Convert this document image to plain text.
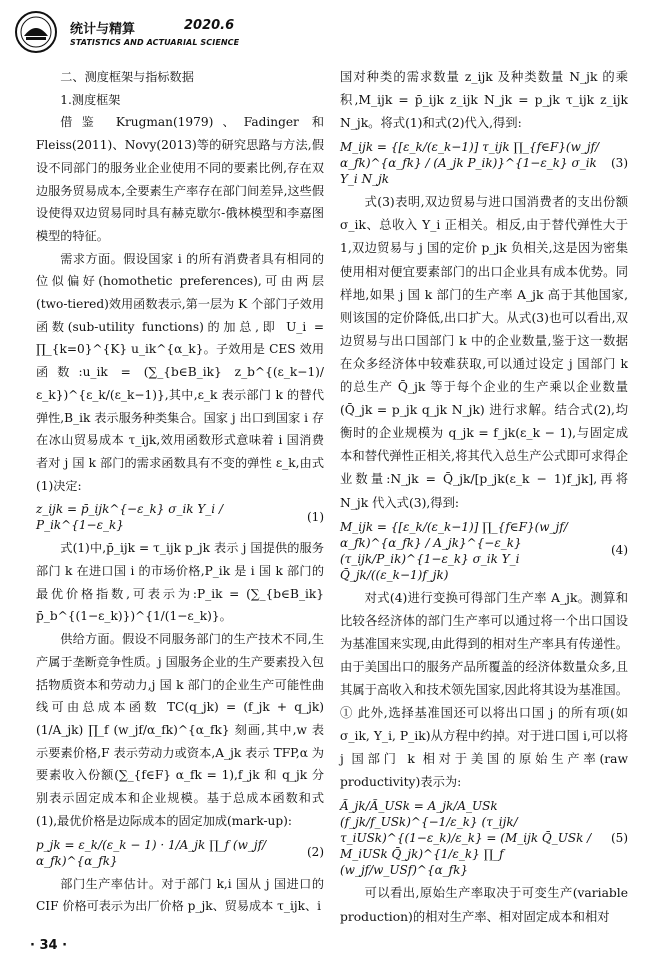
统计与精算	2020.6
STATISTICS AND ACTUARIAL SCIENCE

二、测度框架与指标数据

1.测度框架

借鉴 Krugman(1979)、Fadinger 和 Fleiss(2011)、Novy(2013)等的研究思路与方法,假设不同部门的服务业企业使用不同的要素比例,存在双边服务贸易成本,全要素生产率存在部门间差异,这些假设使得双边贸易同时具有赫克歇尔-俄林模型和李嘉图模型的特征。

需求方面。假设国家 i 的所有消费者具有相同的位似偏好(homothetic preferences),可由两层(two-tiered)效用函数表示,第一层为 K 个部门子效用函数(sub-utility functions)的加总,即 U_i = ∏_{k=0}^{K} u_ik^{α_k}。子效用是 CES 效用函数:u_ik = (∑_{b∈B_ik} z_b^{(ε_k−1)/ε_k})^{ε_k/(ε_k−1)},其中,ε_k 表示部门 k 的替代弹性,B_ik 表示服务种类集合。国家 j 出口到国家 i 存在冰山贸易成本 τ_ijk,效用函数形式意味着 i 国消费者对 j 国 k 部门的需求函数具有不变的弹性 ε_k,由式(1)决定:

z_ijk = p̄_ijk^{−ε_k} σ_ik Y_i / P_ik^{1−ε_k}
(1)

式(1)中,p̄_ijk = τ_ijk p_jk 表示 j 国提供的服务部门 k 在进口国 i 的市场价格,P_ik 是 i 国 k 部门的最优价格指数,可表示为:P_ik = (∑_{b∈B_ik} p̄_b^{(1−ε_k)})^{1/(1−ε_k)}。

供给方面。假设不同服务部门的生产技术不同,生产属于垄断竞争性质。j 国服务企业的生产要素投入包括物质资本和劳动力,j 国 k 部门的企业生产可能性曲线可由总成本函数 TC(q_jk) = (f_jk + q_jk) (1/A_jk) ∏_f (w_jf/α_fk)^{α_fk} 刻画,其中,w 表示要素价格,F 表示劳动力或资本,A_jk 表示 TFP,α 为要素收入份额(∑_{f∈F} α_fk = 1),f_jk 和 q_jk 分别表示固定成本和企业规模。基于总成本函数和式(1),最优价格是边际成本的固定加成(mark-up):

p_jk = ε_k/(ε_k − 1) · 1/A_jk ∏_f (w_jf/α_fk)^{α_fk}
(2)

部门生产率估计。对于部门 k,i 国从 j 国进口的 CIF 价格可表示为出厂价格 p_jk、贸易成本 τ_ijk、i

国对种类的需求数量 z_ijk 及种类数量 N_jk 的乘积,M_ijk = p̄_ijk z_ijk N_jk = p_jk τ_ijk z_ijk N_jk。将式(1)和式(2)代入,得到:

M_ijk = {[ε_k/(ε_k−1)] τ_ijk ∏_{f∈F}(w_jf/α_fk)^{α_fk} / (A_jk P_ik)}^{1−ε_k} σ_ik Y_i N_jk
(3)

式(3)表明,双边贸易与进口国消费者的支出份额 σ_ik、总收入 Y_i 正相关。相反,由于替代弹性大于1,双边贸易与 j 国的定价 p_jk 负相关,这是因为密集使用相对便宜要素部门的出口企业具有成本优势。同样地,如果 j 国 k 部门的生产率 A_jk 高于其他国家,则该国的定价降低,出口扩大。从式(3)也可以看出,双边贸易与出口国部门 k 中的企业数量,鉴于这一数据在众多经济体中较难获取,可以通过设定 j 国部门 k 的总生产 Q̄_jk 等于每个企业的生产乘以企业数量 (Q̄_jk = p_jk q_jk N_jk) 进行求解。结合式(2),均衡时的企业规模为 q_jk = f_jk(ε_k − 1),与固定成本和替代弹性正相关,将其代入总生产公式即可求得企业数量:N_jk = Q̄_jk/[p_jk(ε_k − 1)f_jk],再将 N_jk 代入式(3),得到:

M_ijk = {[ε_k/(ε_k−1)] ∏_{f∈F}(w_jf/α_fk)^{α_fk} / A_jk}^{−ε_k} (τ_ijk/P_ik)^{1−ε_k} σ_ik Y_i Q̄_jk/((ε_k−1)f_jk)
(4)

对式(4)进行变换可得部门生产率 A_jk。测算和比较各经济体的部门生产率可以通过将一个出口国设为基准国来实现,由此得到的相对生产率具有传递性。由于美国出口的服务产品所覆盖的经济体数量众多,且其属于高收入和技术领先国家,因此将其设为基准国。① 此外,选择基准国还可以将出口国 j 的所有项(如 σ_ik, Y_i, P_ik)从方程中约掉。对于进口国 i,可以将 j 国部门 k 相对于美国的原始生产率(raw productivity)表示为:

Ã_jk/Ã_USk = A_jk/A_USk (f_jk/f_USk)^{−1/ε_k} (τ_ijk/τ_iUSk)^{(1−ε_k)/ε_k} = (M_ijk Q̄_USk / M_iUSk Q̄_jk)^{1/ε_k} ∏_f (w_jf/w_USf)^{α_fk}
(5)

可以看出,原始生产率取决于可变生产(variable production)的相对生产率、相对固定成本和相对

· 34 ·
